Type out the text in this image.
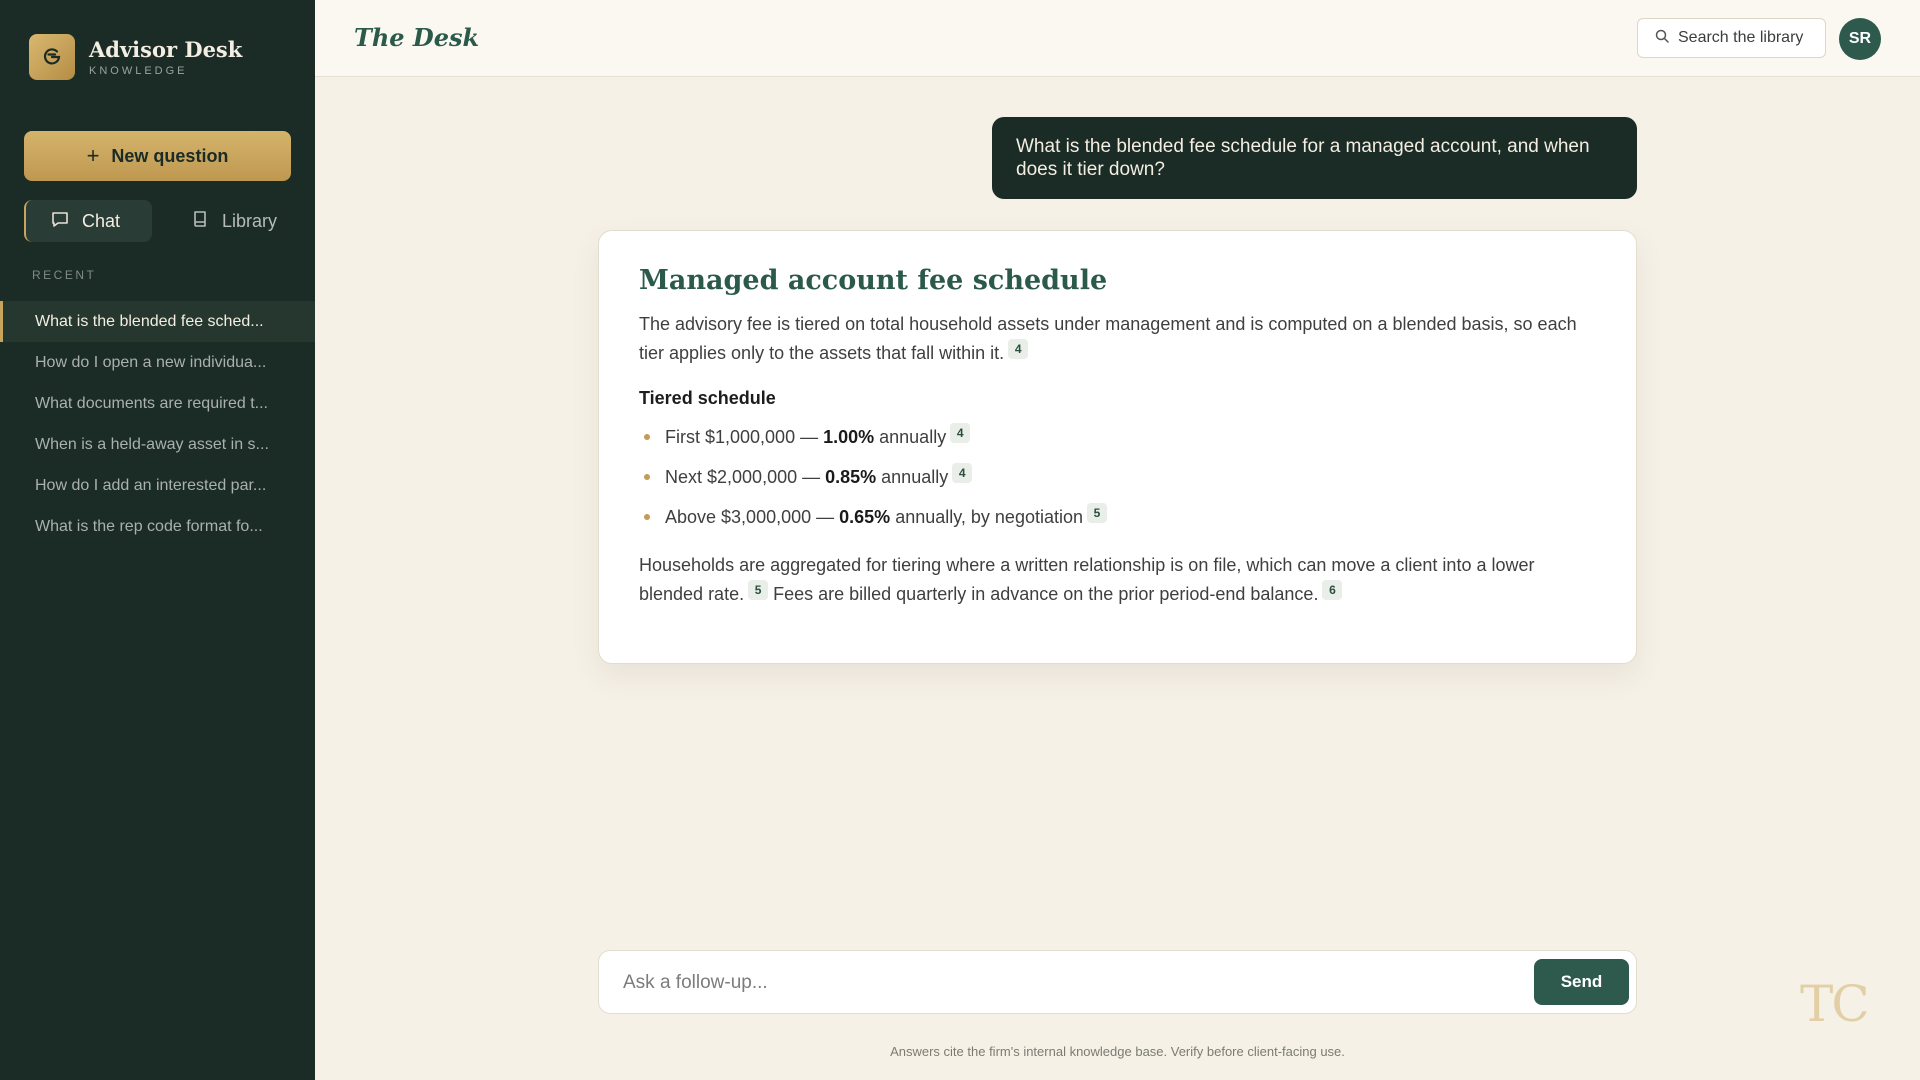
Advisor Desk
KNOWLEDGE
+ New question
Chat	Library
RECENT
What is the blended fee sched...
How do I open a new individua...
What documents are required t...
When is a held-away asset in s...
How do I add an interested par...
What is the rep code format fo...
The Desk	Search the library	SR
What is the blended fee schedule for a managed account, and when does it tier down?
Managed account fee schedule

The advisory fee is tiered on total household assets under management and is computed on a blended basis, so each tier applies only to the assets that fall within it. 4

Tiered schedule
First $1,000,000 — 1.00% annually 4
Next $2,000,000 — 0.85% annually 4
Above $3,000,000 — 0.65% annually, by negotiation 5

Households are aggregated for tiering where a written relationship is on file, which can move a client into a lower blended rate. 5 Fees are billed quarterly in advance on the prior period-end balance. 6

Ask a follow-up...
Send
Answers cite the firm's internal knowledge base. Verify before client-facing use.
TC
